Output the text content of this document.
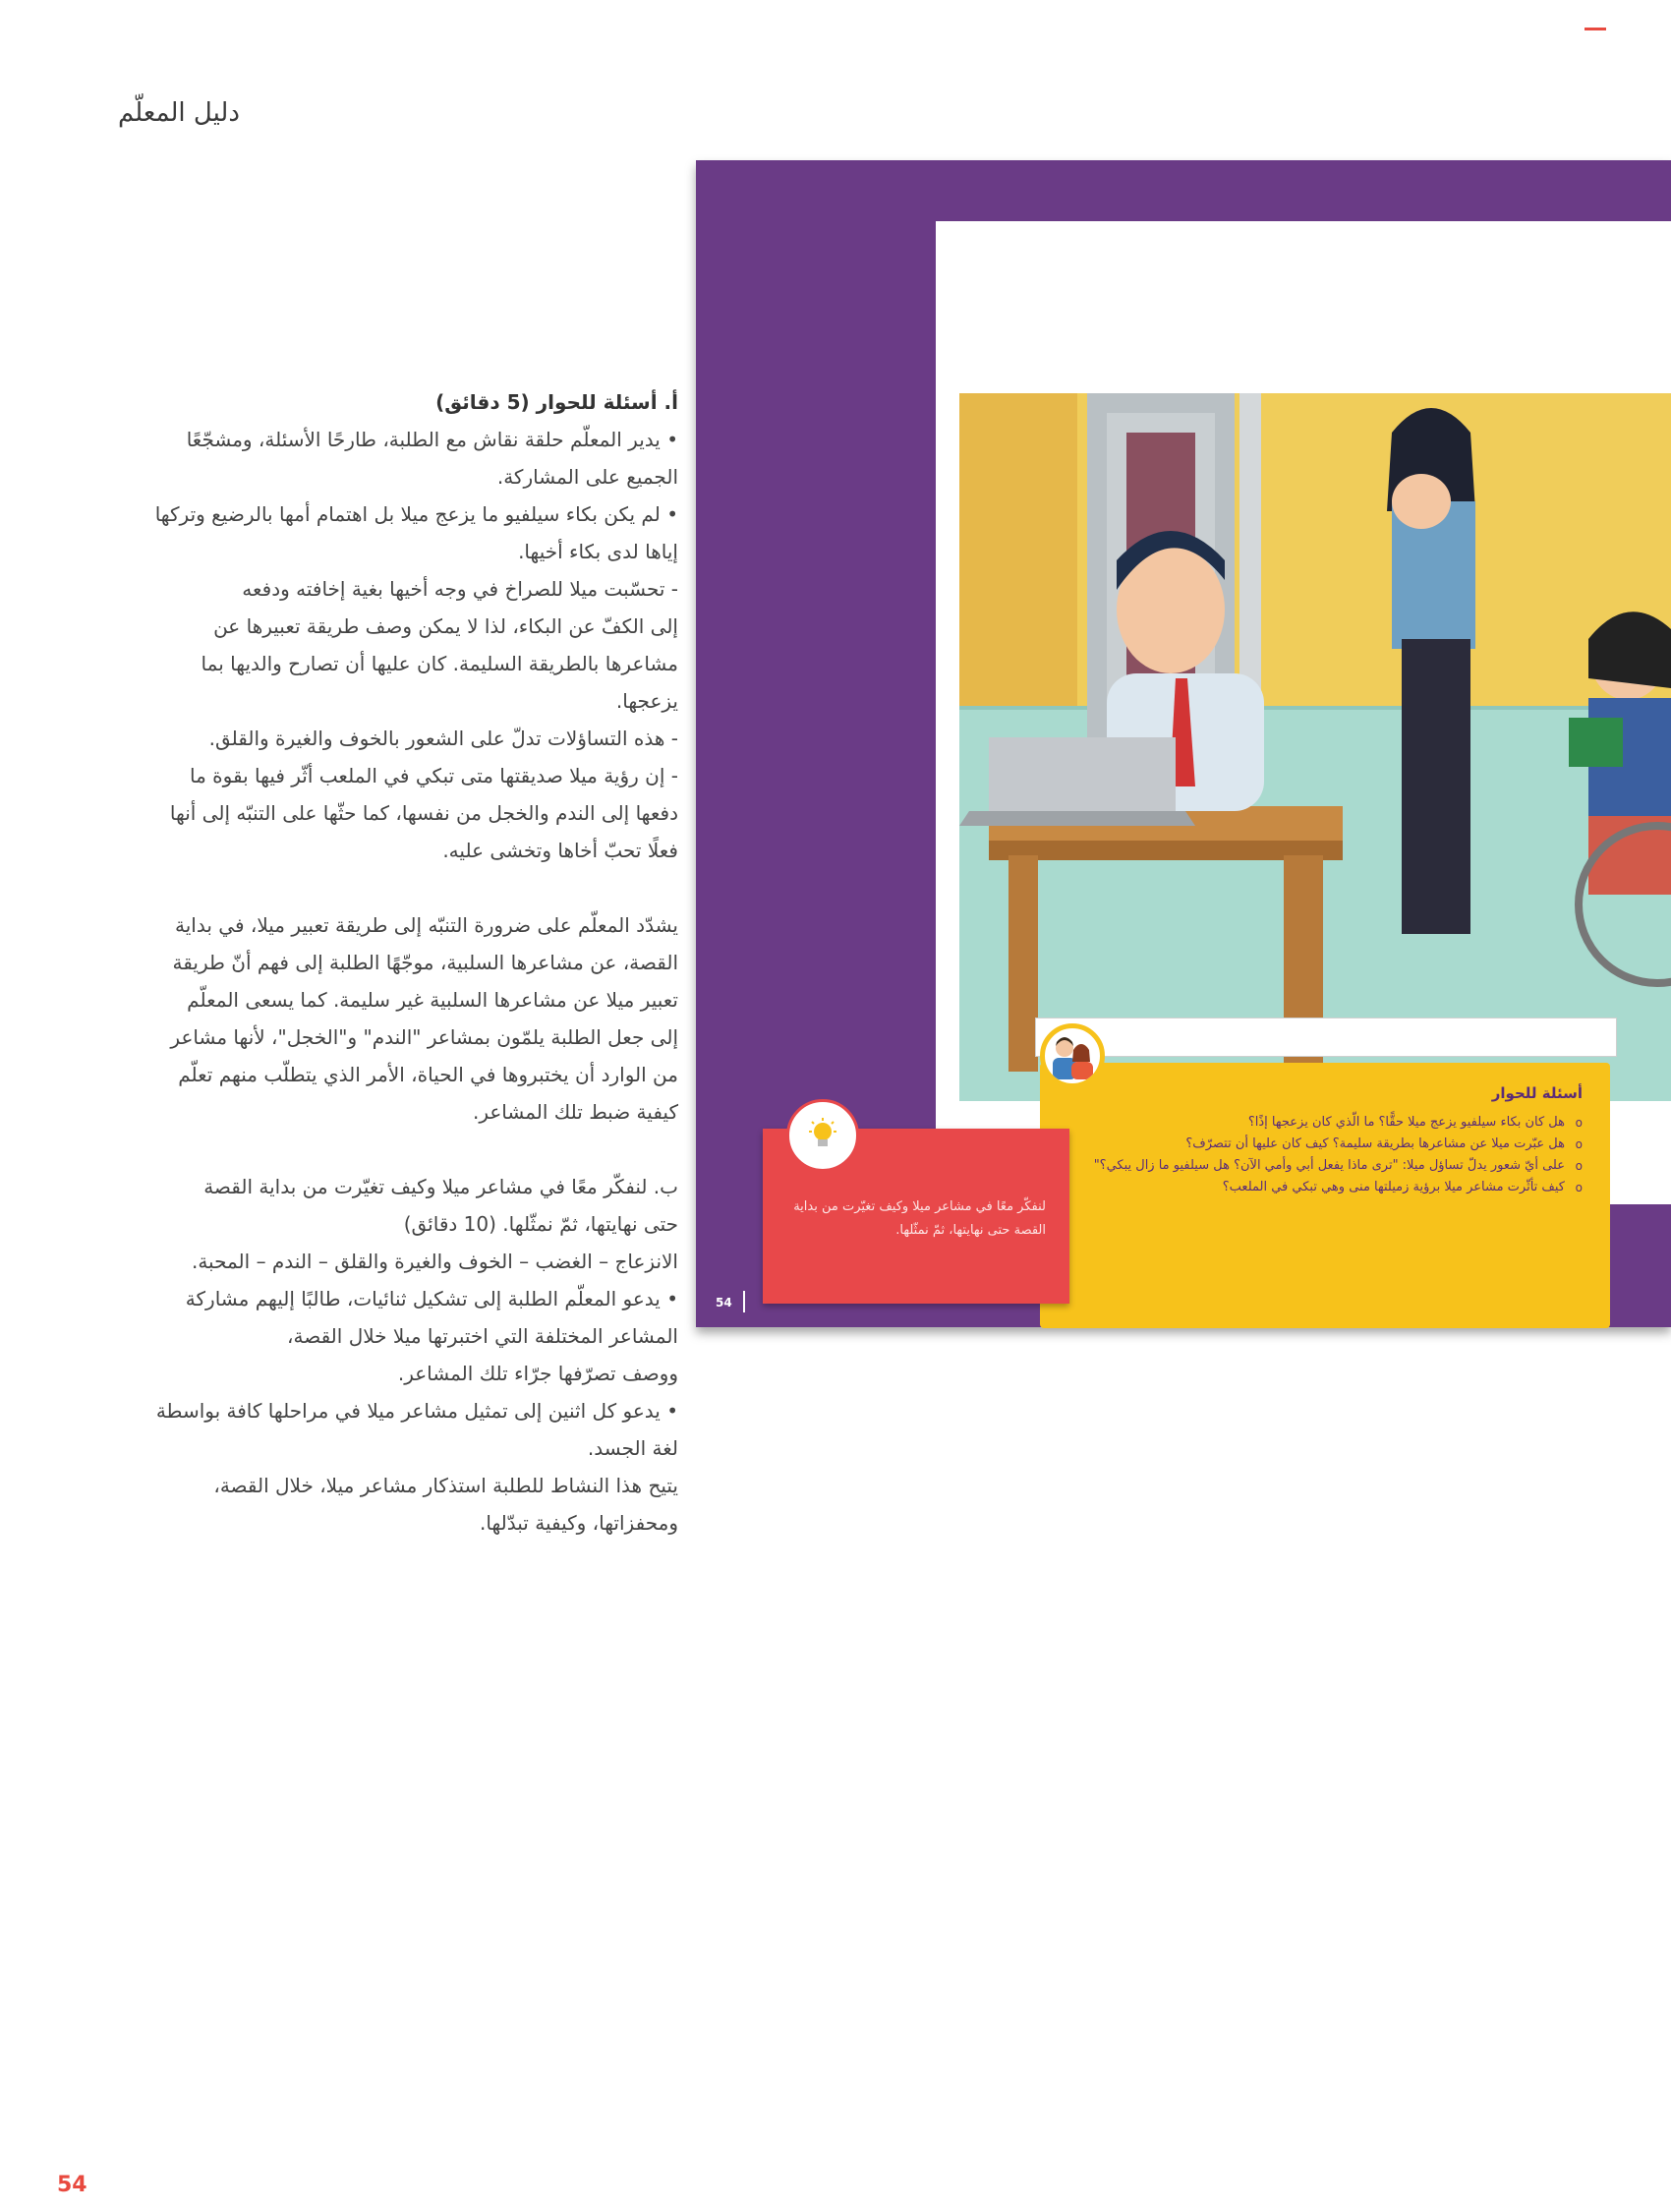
دليل المعلّم

أ. أسئلة للحوار (5 دقائق)

• يدير المعلّم حلقة نقاش مع الطلبة، طارحًا الأسئلة، ومشجّعًا

الجميع على المشاركة.

• لم يكن بكاء سيلفيو ما يزعج ميلا بل اهتمام أمها بالرضيع وتركها

إياها لدى بكاء أخيها.

- تحسّبت ميلا للصراخ في وجه أخيها بغية إخافته ودفعه

إلى الكفّ عن البكاء، لذا لا يمكن وصف طريقة تعبيرها عن

مشاعرها بالطريقة السليمة. كان عليها أن تصارح والديها بما

يزعجها.

- هذه التساؤلات تدلّ على الشعور بالخوف والغيرة والقلق.

- إن رؤية ميلا صديقتها متى تبكي في الملعب أثّر فيها بقوة ما

دفعها إلى الندم والخجل من نفسها، كما حثّها على التنبّه إلى أنها

فعلًا تحبّ أخاها وتخشى عليه.

يشدّد المعلّم على ضرورة التنبّه إلى طريقة تعبير ميلا، في بداية

القصة، عن مشاعرها السلبية، موجّهًا الطلبة إلى فهم أنّ طريقة

تعبير ميلا عن مشاعرها السلبية غير سليمة. كما يسعى المعلّم

إلى جعل الطلبة يلمّون بمشاعر "الندم" و"الخجل"، لأنها مشاعر

من الوارد أن يختبروها في الحياة، الأمر الذي يتطلّب منهم تعلّم

كيفية ضبط تلك المشاعر.

ب. لنفكّر معًا في مشاعر ميلا وكيف تغيّرت من بداية القصة

حتى نهايتها، ثمّ نمثّلها. (10 دقائق)

الانزعاج – الغضب – الخوف والغيرة والقلق – الندم – المحبة.

• يدعو المعلّم الطلبة إلى تشكيل ثنائيات، طالبًا إليهم مشاركة

المشاعر المختلفة التي اختبرتها ميلا خلال القصة،

ووصف تصرّفها جرّاء تلك المشاعر.

• يدعو كل اثنين إلى تمثيل مشاعر ميلا في مراحلها كافة بواسطة

لغة الجسد.

يتيح هذا النشاط للطلبة استذكار مشاعر ميلا، خلال القصة،

ومحفزاتها، وكيفية تبدّلها.

أسئلة للحوار
o هل كان بكاء سيلفيو يزعج ميلا حقًّا؟ ما الّذي كان يزعجها إذًا؟
o هل عبّرت ميلا عن مشاعرها بطريقة سليمة؟ كيف كان عليها أن تتصرّف؟
o على أيّ شعور يدلّ تساؤل ميلا: "ترى ماذا يفعل أبي وأمي الآن؟ هل سيلفيو ما زال يبكي؟"
o كيف تأثّرت مشاعر ميلا برؤية زميلتها منى وهي تبكي في الملعب؟
لنفكّر معًا في مشاعر ميلا وكيف تغيّرت من بداية القصة حتى نهايتها، ثمّ نمثّلها.
54
54
